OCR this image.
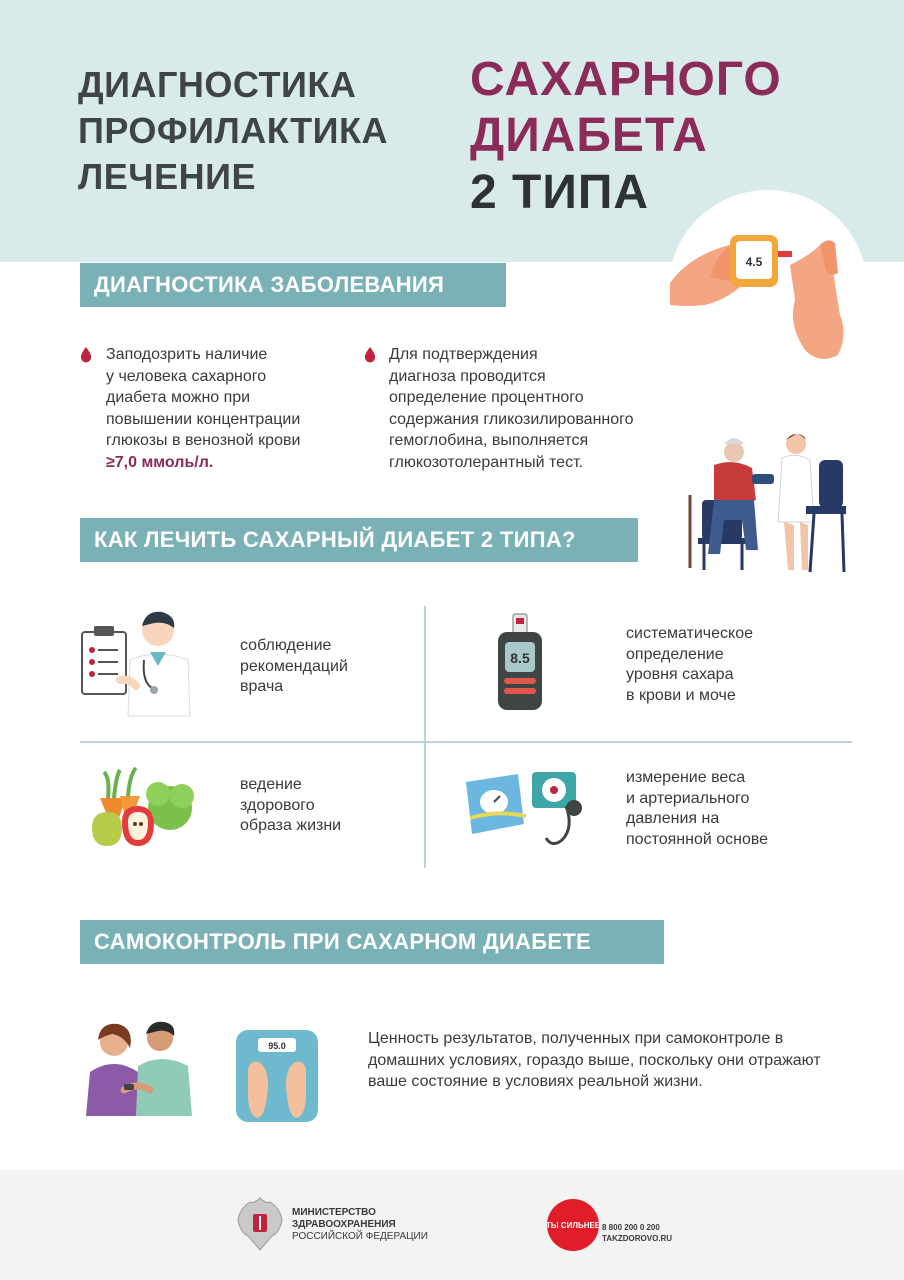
ДИАГНОСТИКА
ПРОФИЛАКТИКА
ЛЕЧЕНИЕ
САХАРНОГО
ДИАБЕТА
2 ТИПА
4.5
ДИАГНОСТИКА ЗАБОЛЕВАНИЯ
Заподозрить наличие
у человека сахарного
диабета можно при
повышении концентрации
глюкозы в венозной крови
≥7,0 ммоль/л.
Для подтверждения
диагноза проводится
определение процентного
содержания гликозилированного
гемоглобина, выполняется
глюкозотолерантный тест.
КАК ЛЕЧИТЬ САХАРНЫЙ ДИАБЕТ 2 ТИПА?
соблюдение
рекомендаций
врача
8.5
систематическое
определение
уровня сахара
в крови и моче
ведение
здорового
образа жизни
измерение веса
и артериального
давления на
постоянной основе
САМОКОНТРОЛЬ ПРИ САХАРНОМ ДИАБЕТЕ
95.0	Ценность результатов, полученных при самоконтроле в домашних условиях, гораздо выше, поскольку они отражают ваше состояние в условиях реальной жизни.
МИНИСТЕРСТВО
ЗДРАВООХРАНЕНИЯ
РОССИЙСКОЙ ФЕДЕРАЦИИ
ТЫ СИЛЬНЕЕ 8 800 200 0 200
TAKZDOROVO.RU
